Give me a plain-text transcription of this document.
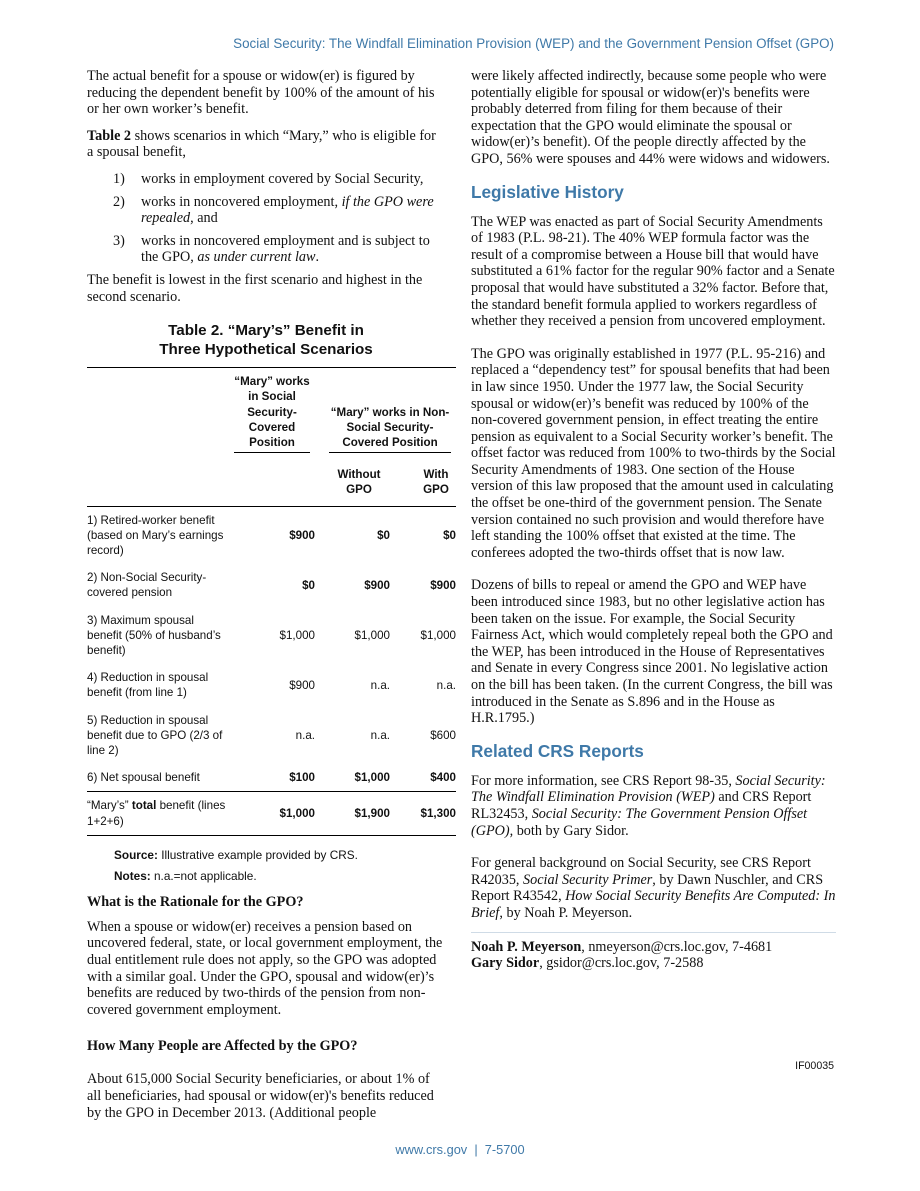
Social Security: The Windfall Elimination Provision (WEP) and the Government Pension Offset (GPO)

The actual benefit for a spouse or widow(er) is figured by reducing the dependent benefit by 100% of the amount of his or her own worker’s benefit.

Table 2 shows scenarios in which “Mary,” who is eligible for a spousal benefit,

1) works in employment covered by Social Security,
2) works in noncovered employment, if the GPO were repealed, and
3) works in noncovered employment and is subject to the GPO, as under current law.

The benefit is lowest in the first scenario and highest in the second scenario.

Table 2. “Mary’s” Benefit in
Three Hypothetical Scenarios

	“Mary” works in Social Security-Covered Position	“Mary” works in Non-Social Security-Covered Position	

		Without GPO	With GPO

1) Retired-worker benefit (based on Mary’s earnings record)	$900	$0	$0
2) Non-Social Security-covered pension	$0	$900	$900
3) Maximum spousal benefit (50% of husband’s benefit)	$1,000	$1,000	$1,000
4) Reduction in spousal benefit (from line 1)	$900	n.a.	n.a.
5) Reduction in spousal benefit due to GPO (2/3 of line 2)	n.a.	n.a.	$600
6) Net spousal benefit	$100	$1,000	$400
“Mary’s” total benefit (lines 1+2+6)	$1,000	$1,900	$1,300
Source: Illustrative example provided by CRS.
Notes: n.a.=not applicable.
What is the Rationale for the GPO?

When a spouse or widow(er) receives a pension based on uncovered federal, state, or local government employment, the dual entitlement rule does not apply, so the GPO was adopted with a similar goal. Under the GPO, spousal and widow(er)’s benefits are reduced by two-thirds of the pension from non-covered government employment.

How Many People are Affected by the GPO?

About 615,000 Social Security beneficiaries, or about 1% of all beneficiaries, had spousal or widow(er)'s benefits reduced by the GPO in December 2013. (Additional people

were likely affected indirectly, because some people who were potentially eligible for spousal or widow(er)'s benefits were probably deterred from filing for them because of their expectation that the GPO would eliminate the spousal or widow(er)’s benefit). Of the people directly affected by the GPO, 56% were spouses and 44% were widows and widowers.

Legislative History

The WEP was enacted as part of Social Security Amendments of 1983 (P.L. 98-21). The 40% WEP formula factor was the result of a compromise between a House bill that would have substituted a 61% factor for the regular 90% factor and a Senate proposal that would have substituted a 32% factor. Before that, the standard benefit formula applied to workers regardless of whether they received a pension from uncovered employment.

The GPO was originally established in 1977 (P.L. 95-216) and replaced a “dependency test” for spousal benefits that had been in law since 1950. Under the 1977 law, the Social Security spousal or widow(er)’s benefit was reduced by 100% of the non-covered government pension, in effect treating the entire pension as equivalent to a Social Security worker’s benefit. The offset factor was reduced from 100% to two-thirds by the Social Security Amendments of 1983. One section of the House version of this law proposed that the amount used in calculating the offset be one-third of the government pension. The Senate version contained no such provision and would therefore have left standing the 100% offset that existed at the time. The conferees adopted the two-thirds offset that is now law.

Dozens of bills to repeal or amend the GPO and WEP have been introduced since 1983, but no other legislative action has been taken on the issue. For example, the Social Security Fairness Act, which would completely repeal both the GPO and the WEP, has been introduced in the House of Representatives and Senate in every Congress since 2001. No legislative action on the bill has been taken. (In the current Congress, the bill was introduced in the Senate as S.896 and in the House as H.R.1795.)

Related CRS Reports

For more information, see CRS Report 98-35, Social Security: The Windfall Elimination Provision (WEP) and CRS Report RL32453, Social Security: The Government Pension Offset (GPO), both by Gary Sidor.

For general background on Social Security, see CRS Report R42035, Social Security Primer, by Dawn Nuschler, and CRS Report R43542, How Social Security Benefits Are Computed: In Brief, by Noah P. Meyerson.

Noah P. Meyerson, nmeyerson@crs.loc.gov, 7-4681
Gary Sidor, gsidor@crs.loc.gov, 7-2588
IF00035
www.crs.gov  |  7-5700
